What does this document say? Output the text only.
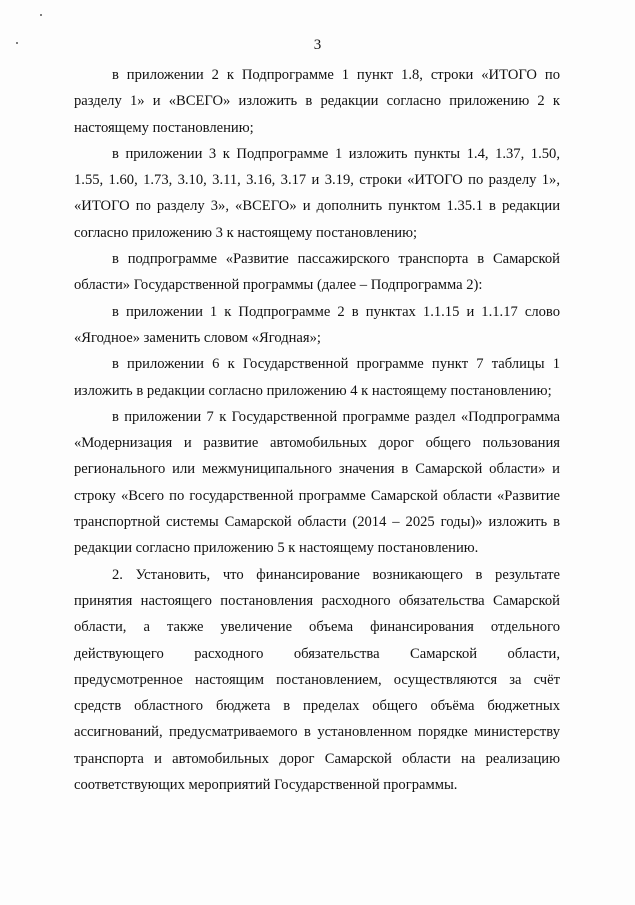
3

в приложении 2 к Подпрограмме 1 пункт 1.8, строки «ИТОГО по разделу 1» и «ВСЕГО» изложить в редакции согласно приложению 2 к настоящему постановлению;

в приложении 3 к Подпрограмме 1 изложить пункты 1.4, 1.37, 1.50, 1.55, 1.60, 1.73, 3.10, 3.11, 3.16, 3.17 и 3.19, строки «ИТОГО по разделу 1», «ИТОГО по разделу 3», «ВСЕГО» и дополнить пунктом 1.35.1 в редакции согласно приложению 3 к настоящему постановлению;

в подпрограмме «Развитие пассажирского транспорта в Самарской области» Государственной программы (далее – Подпрограмма 2):

в приложении 1 к Подпрограмме 2 в пунктах 1.1.15 и 1.1.17 слово «Ягодное» заменить словом «Ягодная»;

в приложении 6 к Государственной программе пункт 7 таблицы 1 изложить в редакции согласно приложению 4 к настоящему постановлению;

в приложении 7 к Государственной программе раздел «Подпрограмма «Модернизация и развитие автомобильных дорог общего пользования регионального или межмуниципального значения в Самарской области» и строку «Всего по государственной программе Самарской области «Развитие транспортной системы Самарской области (2014 – 2025 годы)» изложить в редакции согласно приложению 5 к настоящему постановлению.

2. Установить, что финансирование возникающего в результате принятия настоящего постановления расходного обязательства Самарской области, а также увеличение объема финансирования отдельного действующего расходного обязательства Самарской области, предусмотренное настоящим постановлением, осуществляются за счёт средств областного бюджета в пределах общего объёма бюджетных ассигнований, предусматриваемого в установленном порядке министерству транспорта и автомобильных дорог Самарской области на реализацию соответствующих мероприятий Государственной программы.
